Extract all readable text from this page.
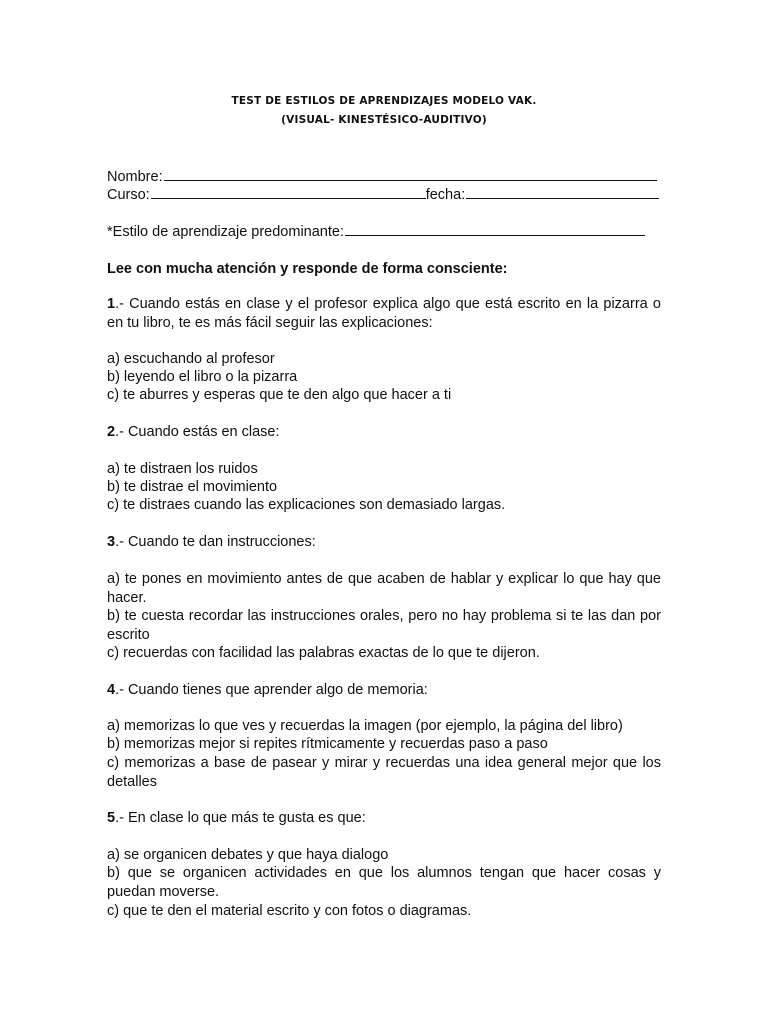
TEST DE ESTILOS DE APRENDIZAJES MODELO VAK.
(VISUAL- KINESTÉSICO-AUDITIVO)
Nombre:
Curso:	fecha:
*Estilo de aprendizaje predominante:
Lee con mucha atención y responde de forma consciente:
1.- Cuando estás en clase y el profesor explica algo que está escrito en la pizarra o en tu libro, te es más fácil seguir las explicaciones:
a) escuchando al profesor
b) leyendo el libro o la pizarra
c) te aburres y esperas que te den algo que hacer a ti
2.- Cuando estás en clase:
a) te distraen los ruidos
b) te distrae el movimiento
c) te distraes cuando las explicaciones son demasiado largas.
3.- Cuando te dan instrucciones:
a) te pones en movimiento antes de que acaben de hablar y explicar lo que hay que hacer.
b) te cuesta recordar las instrucciones orales, pero no hay problema si te las dan por escrito
c) recuerdas con facilidad las palabras exactas de lo que te dijeron.
4.- Cuando tienes que aprender algo de memoria:
a) memorizas lo que ves y recuerdas la imagen (por ejemplo, la página del libro)
b) memorizas mejor si repites rítmicamente y recuerdas paso a paso
c) memorizas a base de pasear y mirar y recuerdas una idea general mejor que los detalles
5.- En clase lo que más te gusta es que:
a) se organicen debates y que haya dialogo
b) que se organicen actividades en que los alumnos tengan que hacer cosas y puedan moverse.
c) que te den el material escrito y con fotos o diagramas.
